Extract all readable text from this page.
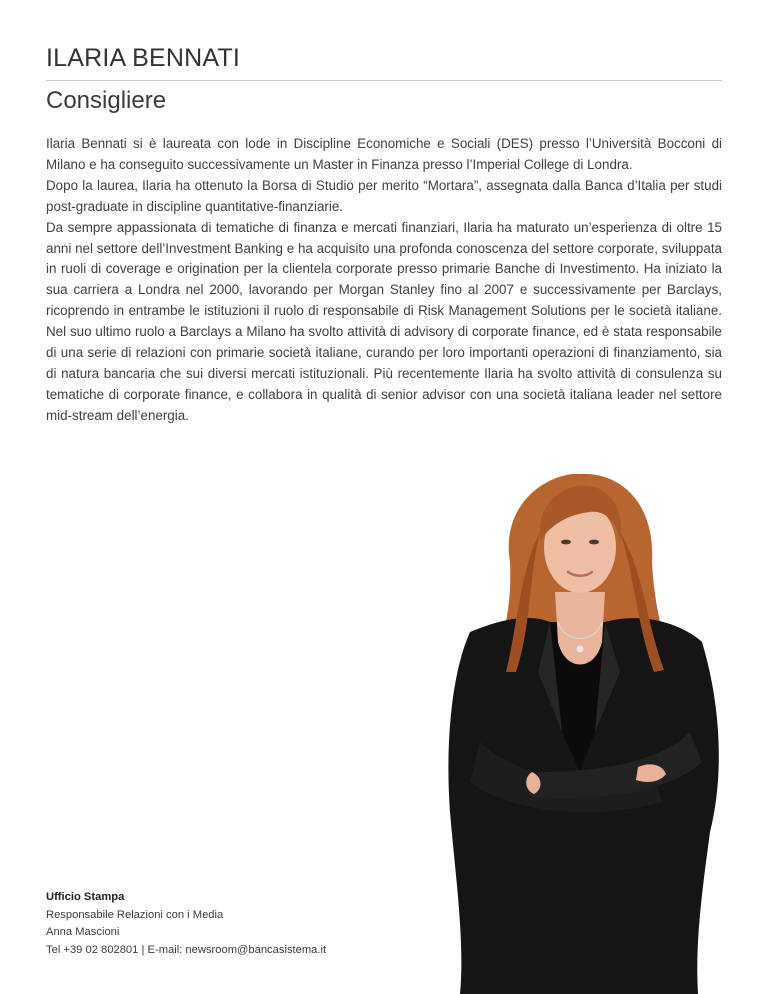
ILARIA BENNATI
Consigliere

Ilaria Bennati si è laureata con lode in Discipline Economiche e Sociali (DES) presso l’Università Bocconi di Milano e ha conseguito successivamente un Master in Finanza presso l’Imperial College di Londra.

Dopo la laurea, Ilaria ha ottenuto la Borsa di Studio per merito “Mortara”, assegnata dalla Banca d’Italia per studi post-graduate in discipline quantitative-finanziarie.

Da sempre appassionata di tematiche di finanza e mercati finanziari, Ilaria ha maturato un’esperienza di oltre 15 anni nel settore dell’Investment Banking e ha acquisito una profonda conoscenza del settore corporate, sviluppata in ruoli di coverage e origination per la clientela corporate presso primarie Banche di Investimento. Ha iniziato la sua carriera a Londra nel 2000, lavorando per Morgan Stanley fino al 2007 e successivamente per Barclays, ricoprendo in entrambe le istituzioni il ruolo di responsabile di Risk Management Solutions per le società italiane. Nel suo ultimo ruolo a Barclays a Milano ha svolto attività di advisory di corporate finance, ed è stata responsabile di una serie di relazioni con primarie società italiane, curando per loro importanti operazioni di finanziamento, sia di natura bancaria che sui diversi mercati istituzionali. Più recentemente Ilaria ha svolto attività di consulenza su tematiche di corporate finance, e collabora in qualità di senior advisor con una società italiana leader nel settore mid-stream dell’energia.

Ufficio Stampa
Responsabile Relazioni con i Media
Anna Mascioni
Tel +39 02 802801 | E-mail: newsroom@bancasistema.it
